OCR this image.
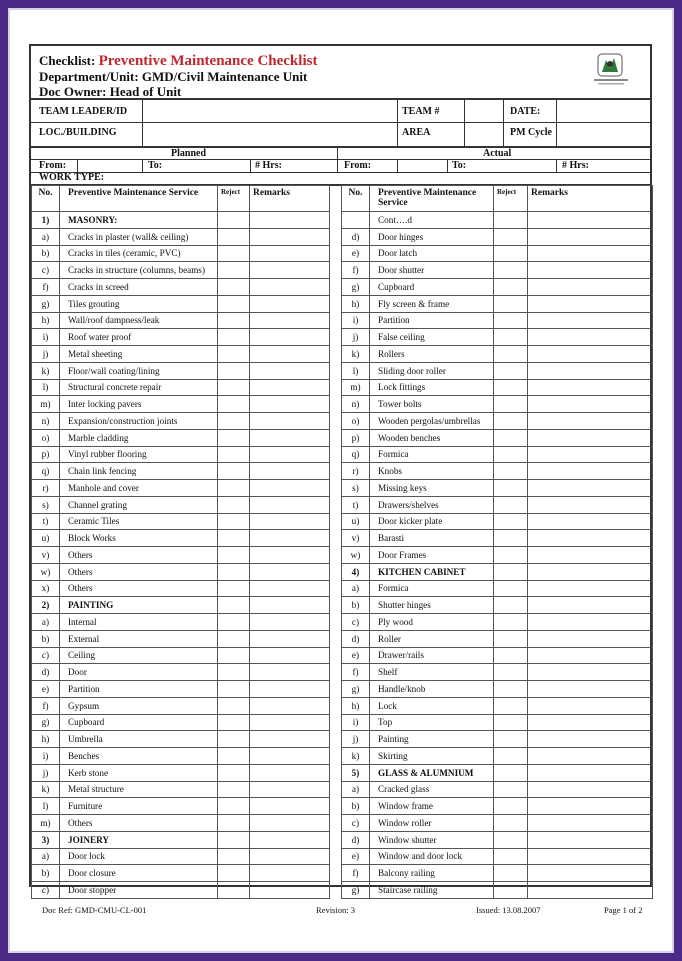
Checklist: Preventive Maintenance Checklist
Department/Unit: GMD/Civil Maintenance Unit
Doc Owner: Head of Unit
TEAM LEADER/ID	TEAM #	DATE:
LOC./BUILDING	AREA	PM Cycle
Planned	Actual
From:	To:	# Hrs:	From:	To:	# Hrs:
WORK TYPE:
No.	Preventive Maintenance Service	Reject	Remarks
1)	MASONRY:		
a)	Cracks in plaster (wall& ceiling)		
b)	Cracks in tiles (ceramic, PVC)		
c)	Cracks in structure (columns, beams)		
f)	Cracks in screed		
g)	Tiles grouting		
h)	Wall/roof dampness/leak		
i)	Roof water proof		
j)	Metal sheeting		
k)	Floor/wall coating/lining		
l)	Structural concrete repair		
m)	Inter locking pavers		
n)	Expansion/construction joints		
o)	Marble cladding		
p)	Vinyl rubber flooring		
q)	Chain link fencing		
r)	Manhole and cover		
s)	Channel grating		
t)	Ceramic Tiles		
u)	Block Works		
v)	Others		
w)	Others		
x)	Others		
2)	PAINTING		
a)	Internal		
b)	External		
c)	Ceiling		
d)	Door		
e)	Partition		
f)	Gypsum		
g)	Cupboard		
h)	Umbrella		
i)	Benches		
j)	Kerb stone		
k)	Metal structure		
l)	Furniture		
m)	Others		
3)	JOINERY		
a)	Door lock		
b)	Door closure		
c)	Door stopper		
No.	Preventive Maintenance Service	Reject	Remarks
	Cont….d		
d)	Door hinges		
e)	Door latch		
f)	Door shutter		
g)	Cupboard		
h)	Fly screen & frame		
i)	Partition		
j)	False ceiling		
k)	Rollers		
l)	Sliding door roller		
m)	Lock fittings		
n)	Tower bolts		
o)	Wooden pergolas/umbrellas		
p)	Wooden benches		
q)	Formica		
r)	Knobs		
s)	Missing keys		
t)	Drawers/shelves		
u)	Door kicker plate		
v)	Barasti		
w)	Door Frames		
4)	KITCHEN CABINET		
a)	Formica		
b)	Shutter hinges		
c)	Ply wood		
d)	Roller		
e)	Drawer/rails		
f)	Shelf		
g)	Handle/knob		
h)	Lock		
i)	Top		
j)	Painting		
k)	Skirting		
5)	GLASS & ALUMNIUM		
a)	Cracked glass		
b)	Window frame		
c)	Window roller		
d)	Window shutter		
e)	Window and door lock		
f)	Balcony railing		
g)	Staircase railing		
Doc Ref: GMD-CMU-CL-001	Revision: 3	Issued: 13.08.2007	Page 1 of 2
